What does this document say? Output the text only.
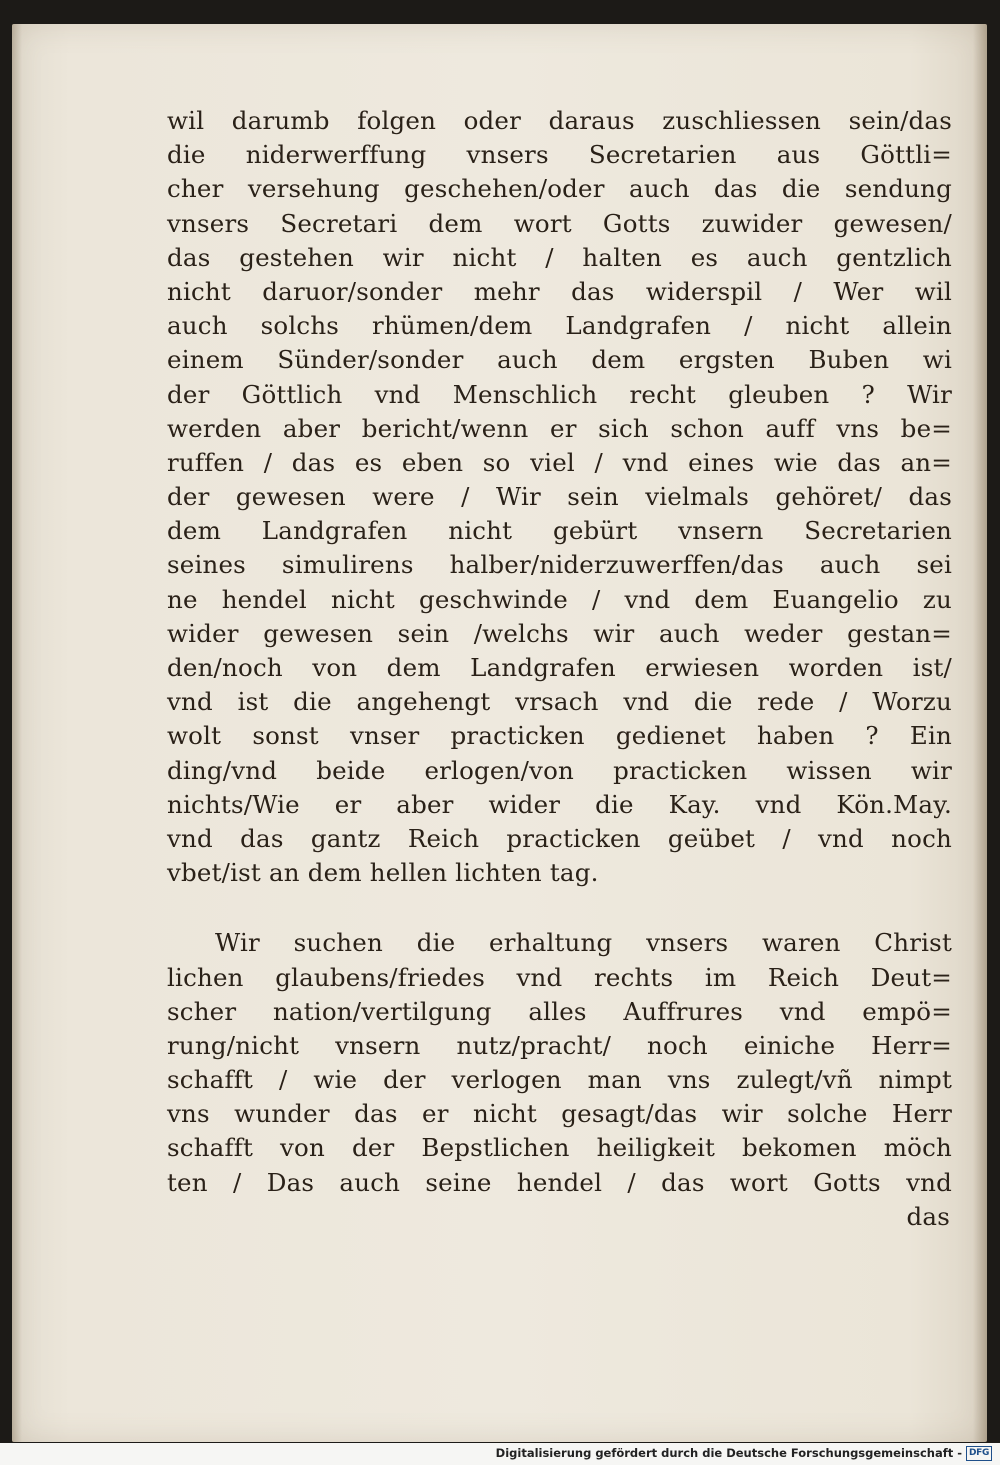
wil darumb folgen oder daraus zuschliessen sein/das
die niderwerffung vnsers Secretarien aus Göttli=
cher versehung geschehen/oder auch das die sendung
vnsers Secretari dem wort Gotts zuwider gewesen/
das gestehen wir nicht / halten es auch gentzlich
nicht daruor/sonder mehr das widerspil / Wer wil
auch solchs rhümen/dem Landgrafen / nicht allein
einem Sünder/sonder auch dem ergsten Buben wi
der Göttlich vnd Menschlich recht gleuben ? Wir
werden aber bericht/wenn er sich schon auff vns be=
ruffen / das es eben so viel / vnd eines wie das an=
der gewesen were / Wir sein vielmals gehöret/ das
dem Landgrafen nicht gebürt vnsern Secretarien
seines simulirens halber/niderzuwerffen/das auch sei
ne hendel nicht geschwinde / vnd dem Euangelio zu
wider gewesen sein /welchs wir auch weder gestan=
den/noch von dem Landgrafen erwiesen worden ist/
vnd ist die angehengt vrsach vnd die rede / Worzu
wolt sonst vnser practicken gedienet haben ? Ein
ding/vnd beide erlogen/von practicken wissen wir
nichts/Wie er aber wider die Kay. vnd Kön.May.
vnd das gantz Reich practicken geübet / vnd noch
vbet/ist an dem hellen lichten tag.
Wir suchen die erhaltung vnsers waren Christ
lichen glaubens/friedes vnd rechts im Reich Deut=
scher nation/vertilgung alles Auffrures vnd empö=
rung/nicht vnsern nutz/pracht/ noch einiche Herr=
schafft / wie der verlogen man vns zulegt/vñ nimpt
vns wunder das er nicht gesagt/das wir solche Herr
schafft von der Bepstlichen heiligkeit bekomen möch
ten / Das auch seine hendel / das wort Gotts vnd
das
Digitalisierung gefördert durch die Deutsche Forschungsgemeinschaft - DFG
